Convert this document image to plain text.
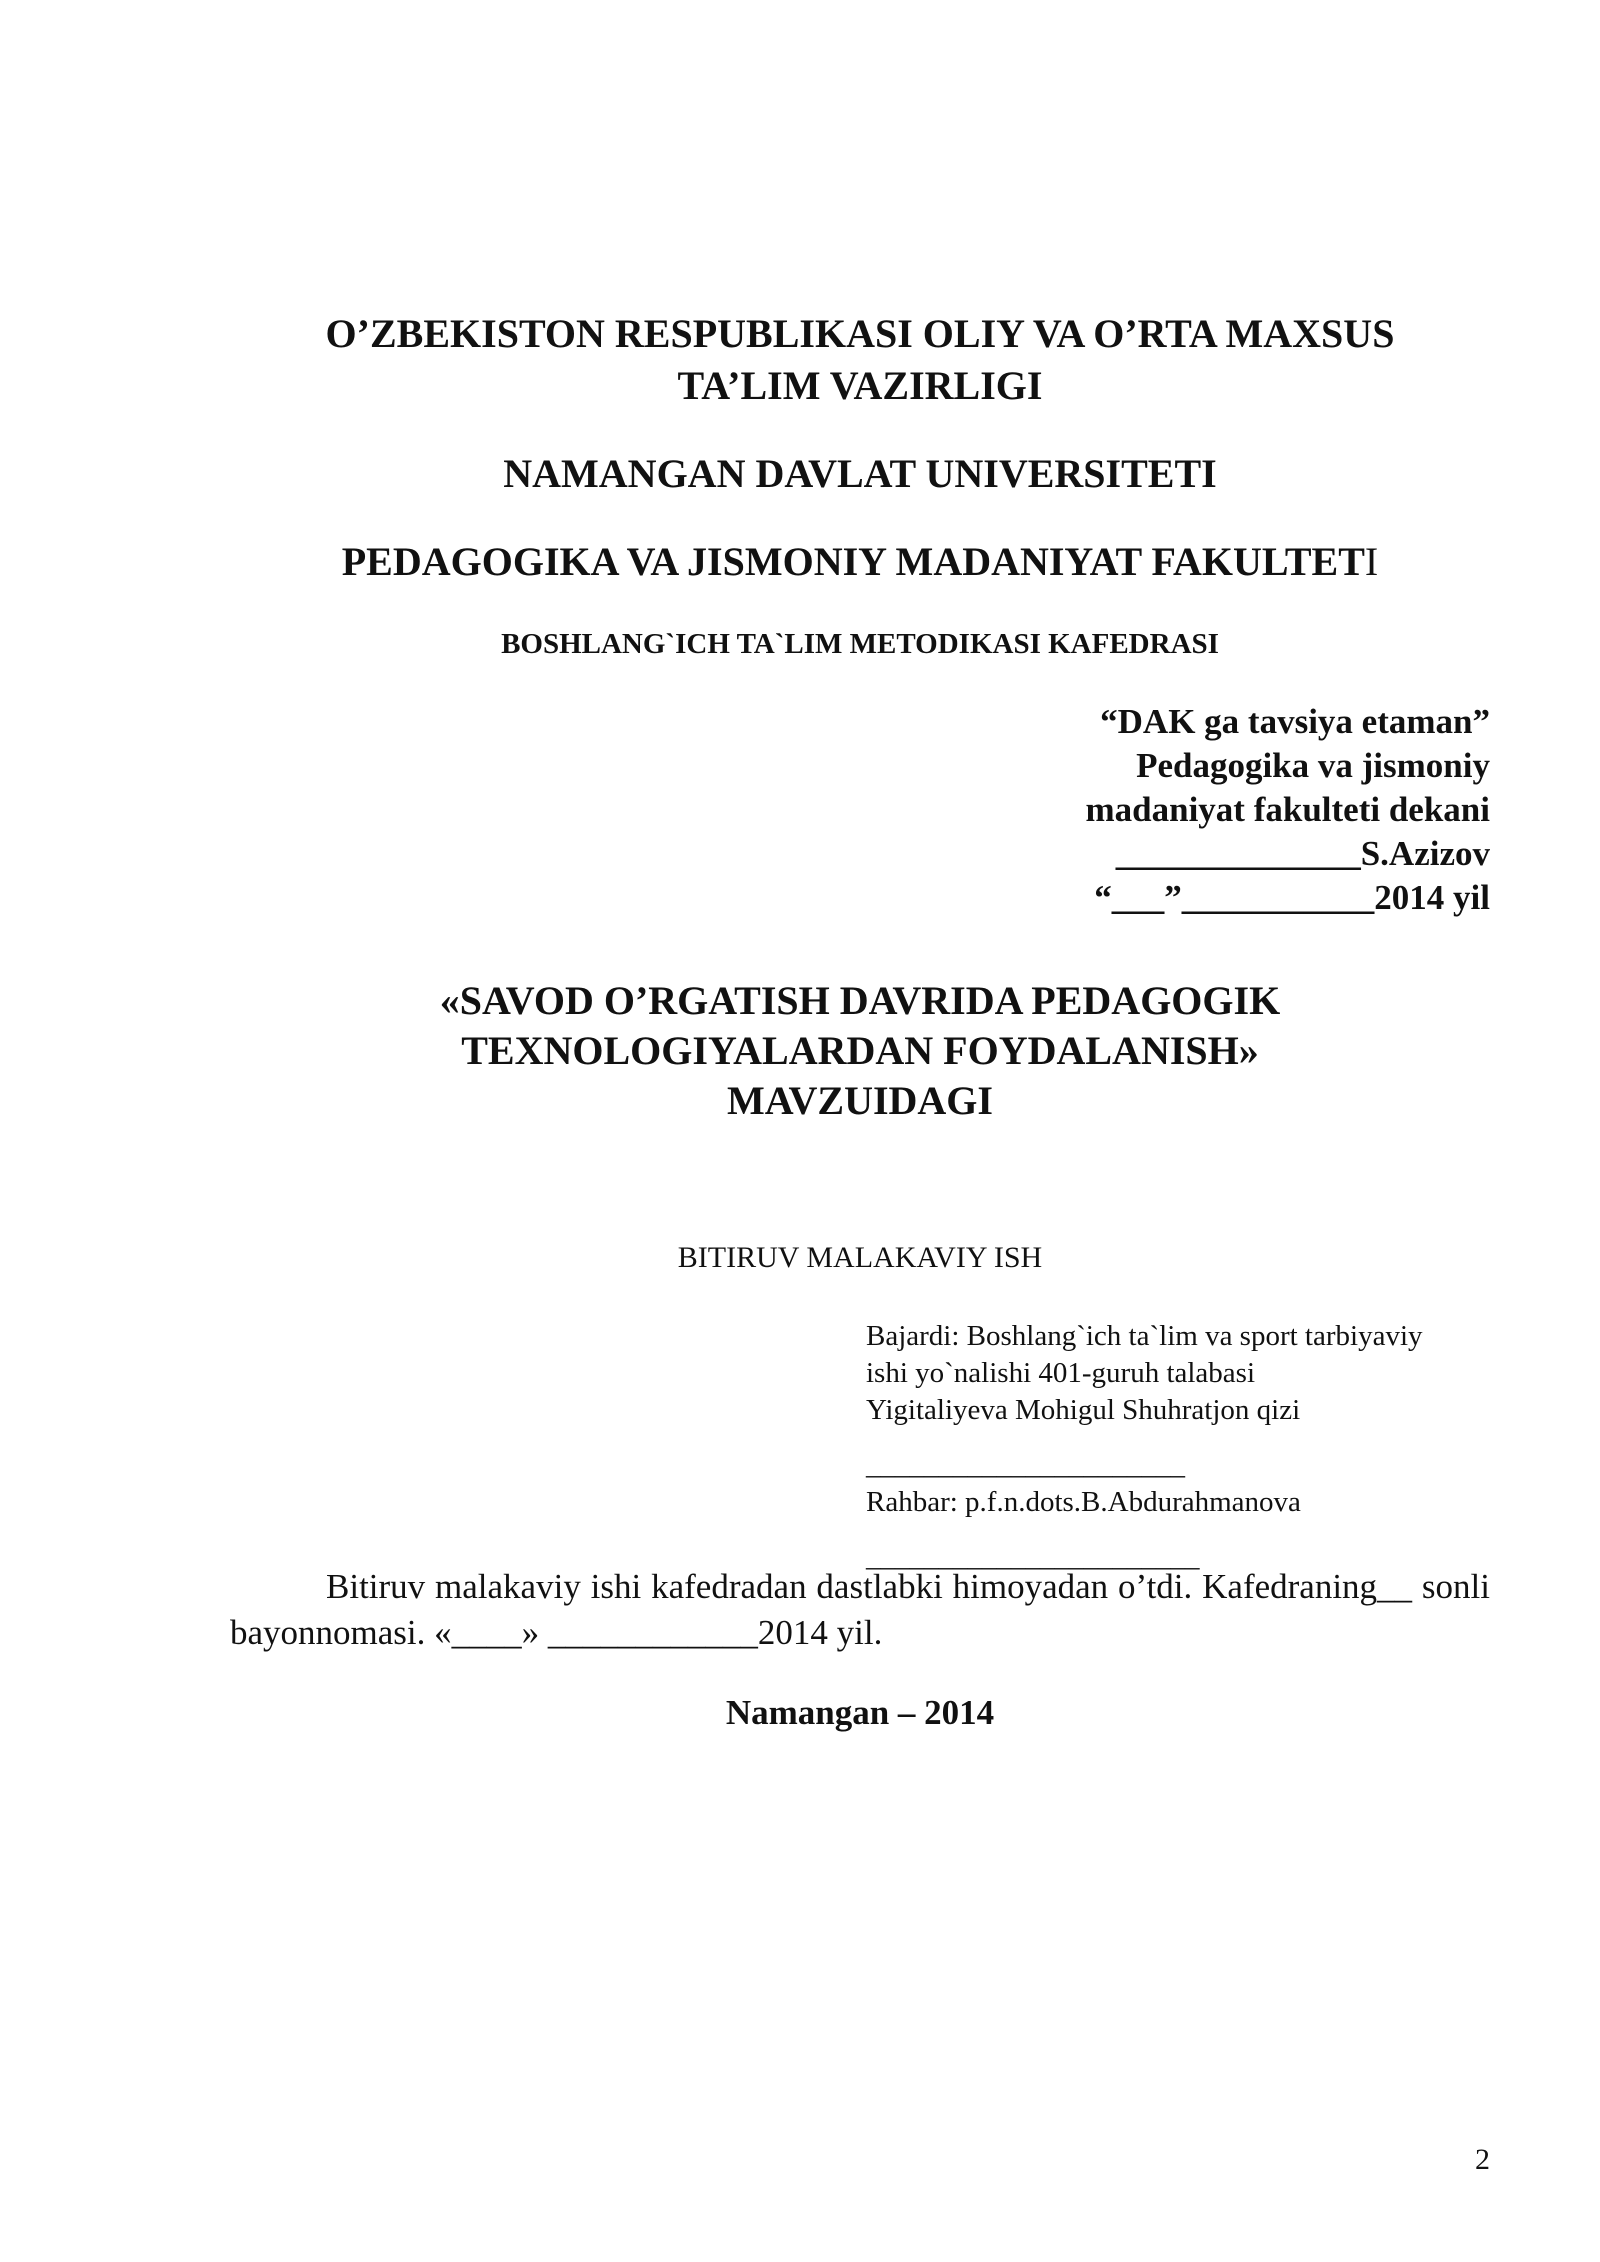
O’ZBEKISTON RESPUBLIKASI OLIY VA O’RTA MAXSUS
TA’LIM VAZIRLIGI
NAMANGAN DAVLAT UNIVERSITETI
PEDAGOGIKA VA JISMONIY MADANIYAT FAKULTETI
BOSHLANG`ICH TA`LIM METODIKASI KAFEDRASI
“DAK ga tavsiya etaman”
Pedagogika va jismoniy
madaniyat fakulteti dekani
______________S.Azizov
“___”___________2014 yil
«SAVOD O’RGATISH DAVRIDA PEDAGOGIK
TEXNOLOGIYALARDAN FOYDALANISH»
MAVZUIDAGI
BITIRUV MALAKAVIY ISH
Bajardi: Boshlang`ich ta`lim va sport tarbiyaviy
ishi yo`nalishi 401-guruh talabasi
Yigitaliyeva Mohigul Shuhratjon qizi
______________________
Rahbar: p.f.n.dots.B.Abdurahmanova
_______________________

Bitiruv malakaviy ishi kafedradan dastlabki himoyadan o’tdi. Kafedraning__ sonli bayonnomasi. «____» ____________2014 yil.

Namangan – 2014
2
